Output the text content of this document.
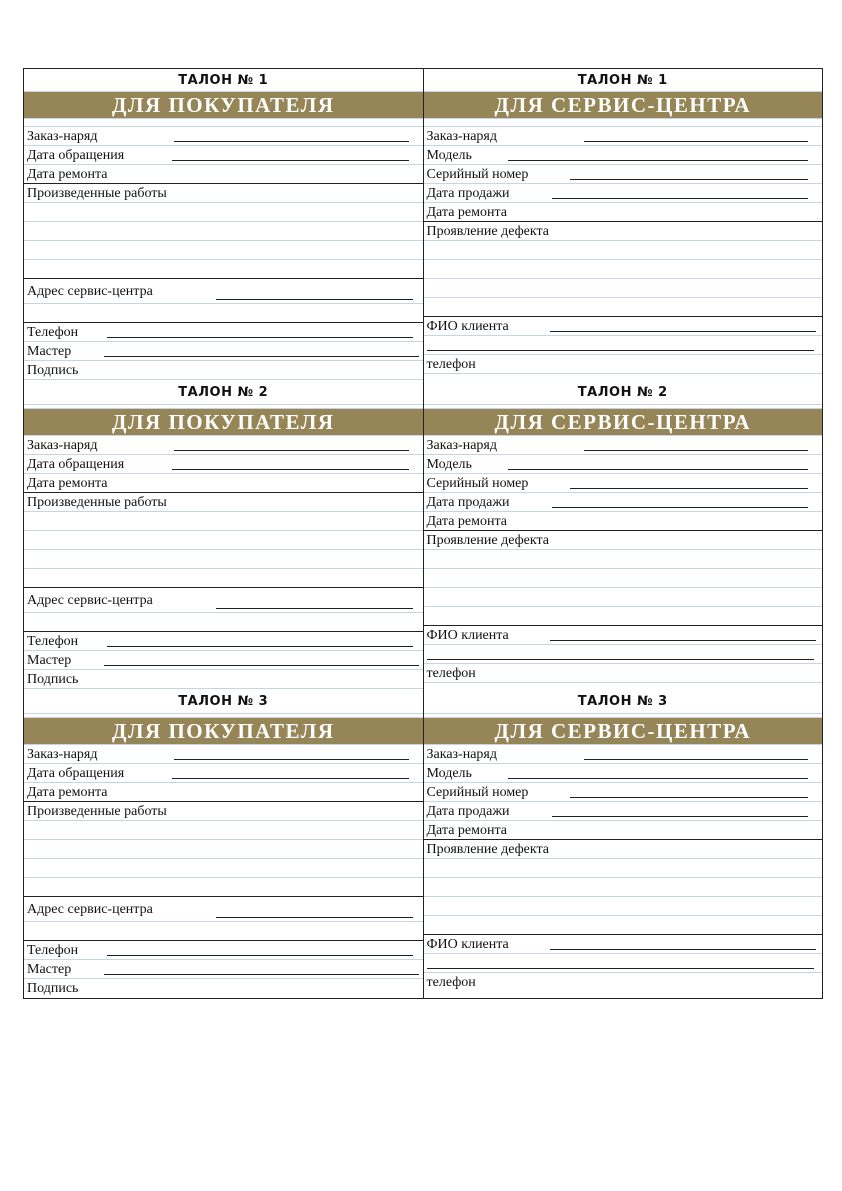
ТАЛОН № 1
ДЛЯ ПОКУПАТЕЛЯ
Заказ-наряд
Дата обращения
Дата ремонта
Произведенные работы
Адрес сервис-центра
Телефон
Мастер
Подпись
ТАЛОН № 1
ДЛЯ СЕРВИС-ЦЕНТРА
Заказ-наряд
Модель
Серийный номер
Дата продажи
Дата ремонта
Проявление дефекта
ФИО клиента
телефон
ТАЛОН № 2
ДЛЯ ПОКУПАТЕЛЯ
Заказ-наряд
Дата обращения
Дата ремонта
Произведенные работы
Адрес сервис-центра
Телефон
Мастер
Подпись
ТАЛОН № 2
ДЛЯ СЕРВИС-ЦЕНТРА
Заказ-наряд
Модель
Серийный номер
Дата продажи
Дата ремонта
Проявление дефекта
ФИО клиента
телефон
ТАЛОН № 3
ДЛЯ ПОКУПАТЕЛЯ
Заказ-наряд
Дата обращения
Дата ремонта
Произведенные работы
Адрес сервис-центра
Телефон
Мастер
Подпись
ТАЛОН № 3
ДЛЯ СЕРВИС-ЦЕНТРА
Заказ-наряд
Модель
Серийный номер
Дата продажи
Дата ремонта
Проявление дефекта
ФИО клиента
телефон
